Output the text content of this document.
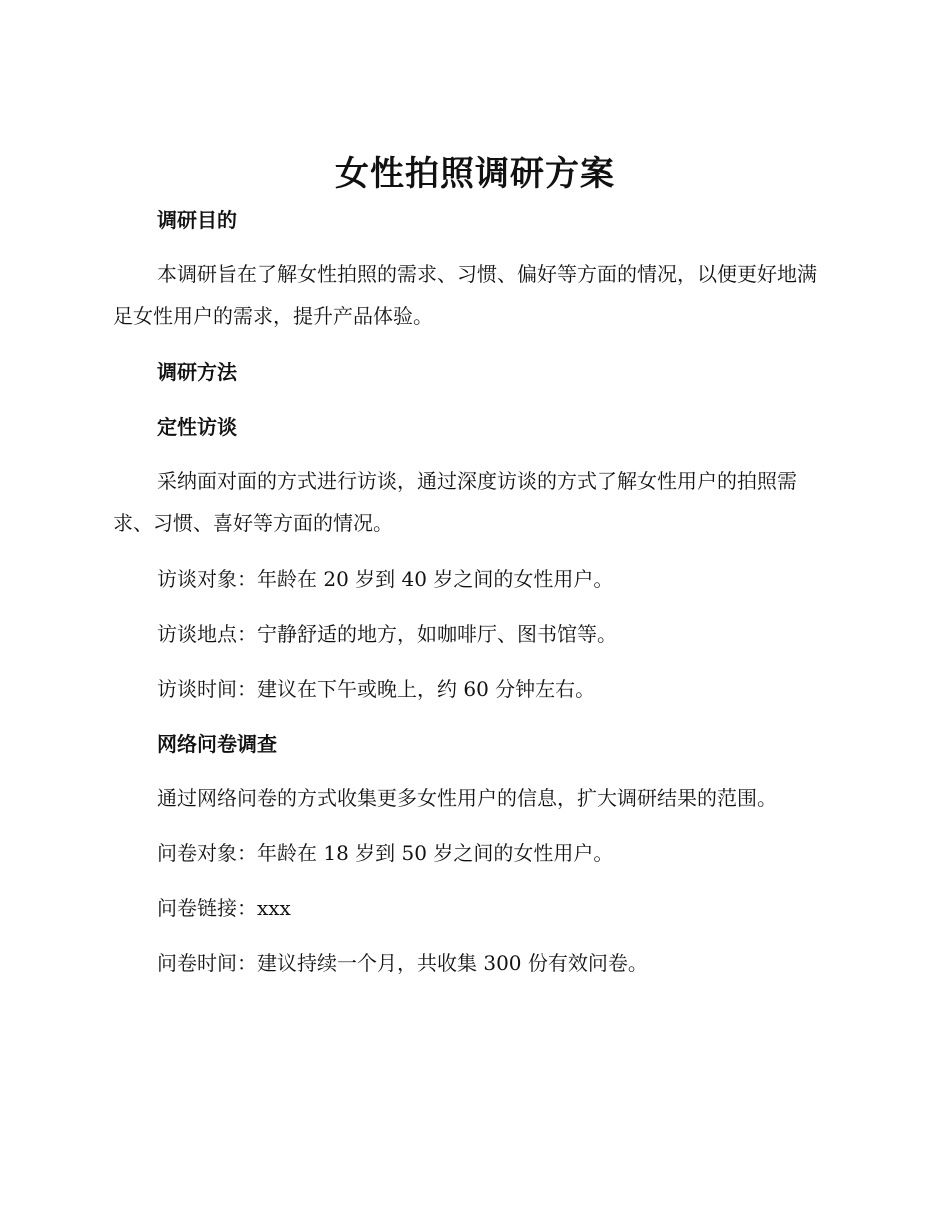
女性拍照调研方案
调研目的
本调研旨在了解女性拍照的需求、习惯、偏好等方面的情况，以便更好地满足女性用户的需求，提升产品体验。
调研方法
定性访谈
采纳面对面的方式进行访谈，通过深度访谈的方式了解女性用户的拍照需求、习惯、喜好等方面的情况。
访谈对象：年龄在 20 岁到 40 岁之间的女性用户。
访谈地点：宁静舒适的地方，如咖啡厅、图书馆等。
访谈时间：建议在下午或晚上，约 60 分钟左右。
网络问卷调查
通过网络问卷的方式收集更多女性用户的信息，扩大调研结果的范围。
问卷对象：年龄在 18 岁到 50 岁之间的女性用户。
问卷链接：xxx
问卷时间：建议持续一个月，共收集 300 份有效问卷。
